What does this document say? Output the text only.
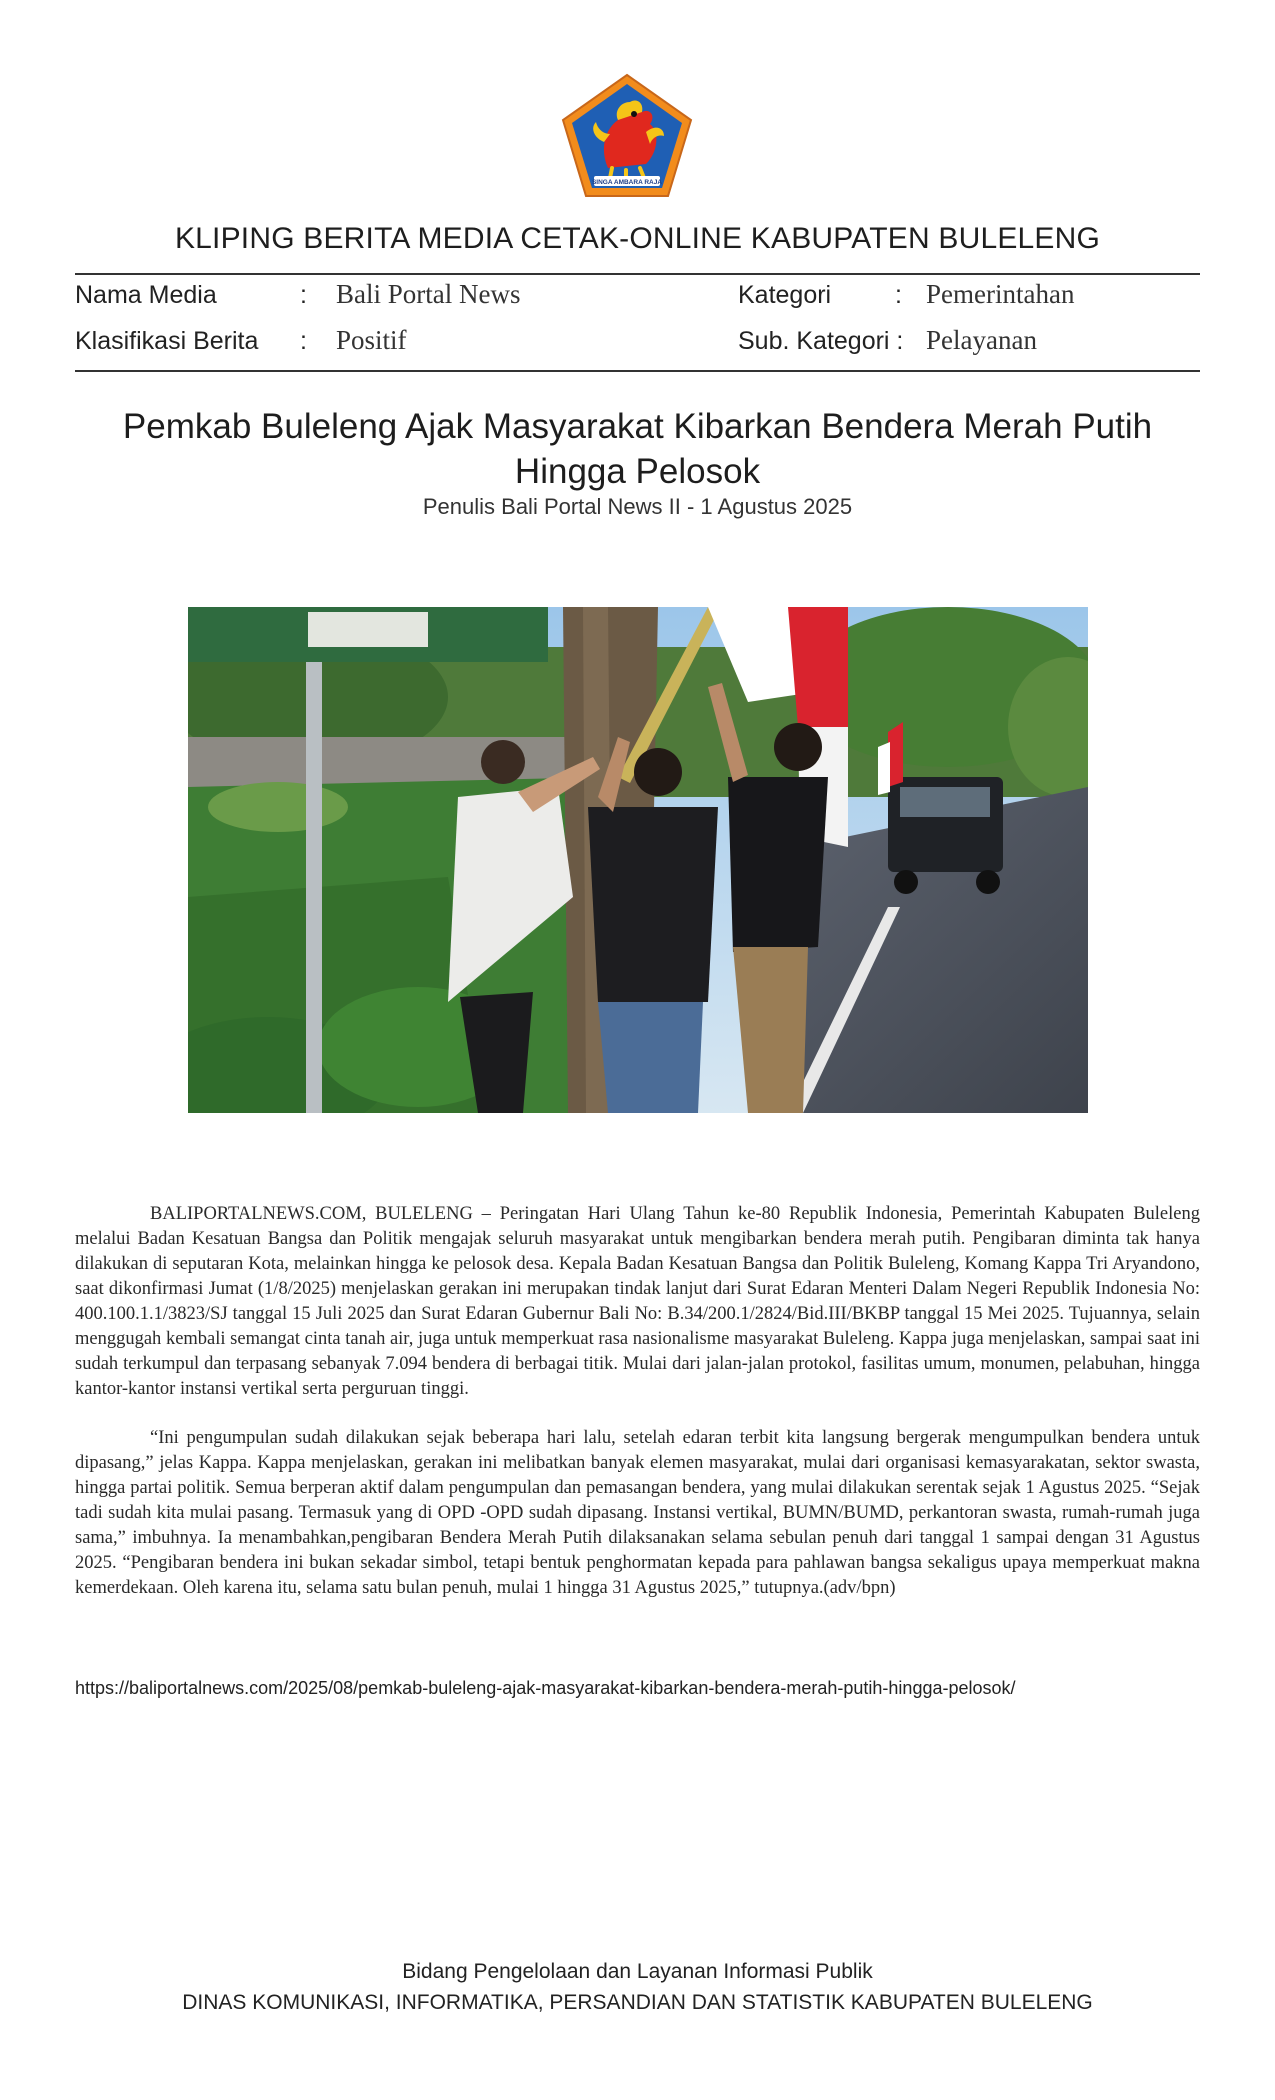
SINGA AMBARA RAJA
KLIPING BERITA MEDIA CETAK-ONLINE KABUPATEN BULELENG
Nama Media	: Bali Portal News	Kategori	: Pemerintahan
Klasifikasi Berita : Positif	Sub. Kategori : Pelayanan
Pemkab Buleleng Ajak Masyarakat Kibarkan Bendera Merah Putih Hingga Pelosok
Penulis Bali Portal News II - 1 Agustus 2025

BALIPORTALNEWS.COM, BULELENG – Peringatan Hari Ulang Tahun ke-80 Republik Indonesia, Pemerintah Kabupaten Buleleng melalui Badan Kesatuan Bangsa dan Politik mengajak seluruh masyarakat untuk mengibarkan bendera merah putih. Pengibaran diminta tak hanya dilakukan di seputaran Kota, melainkan hingga ke pelosok desa. Kepala Badan Kesatuan Bangsa dan Politik Buleleng, Komang Kappa Tri Aryandono, saat dikonfirmasi Jumat (1/8/2025) menjelaskan gerakan ini merupakan tindak lanjut dari Surat Edaran Menteri Dalam Negeri Republik Indonesia No: 400.100.1.1/3823/SJ tanggal 15 Juli 2025 dan Surat Edaran Gubernur Bali No: B.34/200.1/2824/Bid.III/BKBP tanggal 15 Mei 2025. Tujuannya, selain menggugah kembali semangat cinta tanah air, juga untuk memperkuat rasa nasionalisme masyarakat Buleleng. Kappa juga menjelaskan, sampai saat ini sudah terkumpul dan terpasang sebanyak 7.094 bendera di berbagai titik. Mulai dari jalan-jalan protokol, fasilitas umum, monumen, pelabuhan, hingga kantor-kantor instansi vertikal serta perguruan tinggi.

“Ini pengumpulan sudah dilakukan sejak beberapa hari lalu, setelah edaran terbit kita langsung bergerak mengumpulkan bendera untuk dipasang,” jelas Kappa. Kappa menjelaskan, gerakan ini melibatkan banyak elemen masyarakat, mulai dari organisasi kemasyarakatan, sektor swasta, hingga partai politik. Semua berperan aktif dalam pengumpulan dan pemasangan bendera, yang mulai dilakukan serentak sejak 1 Agustus 2025. “Sejak tadi sudah kita mulai pasang. Termasuk yang di OPD -OPD sudah dipasang. Instansi vertikal, BUMN/BUMD, perkantoran swasta, rumah-rumah juga sama,” imbuhnya. Ia menambahkan,pengibaran Bendera Merah Putih dilaksanakan selama sebulan penuh dari tanggal 1 sampai dengan 31 Agustus 2025. “Pengibaran bendera ini bukan sekadar simbol, tetapi bentuk penghormatan kepada para pahlawan bangsa sekaligus upaya memperkuat makna kemerdekaan. Oleh karena itu, selama satu bulan penuh, mulai 1 hingga 31 Agustus 2025,” tutupnya.(adv/bpn)

https://baliportalnews.com/2025/08/pemkab-buleleng-ajak-masyarakat-kibarkan-bendera-merah-putih-hingga-pelosok/
Bidang Pengelolaan dan Layanan Informasi Publik
DINAS KOMUNIKASI, INFORMATIKA, PERSANDIAN DAN STATISTIK KABUPATEN BULELENG
